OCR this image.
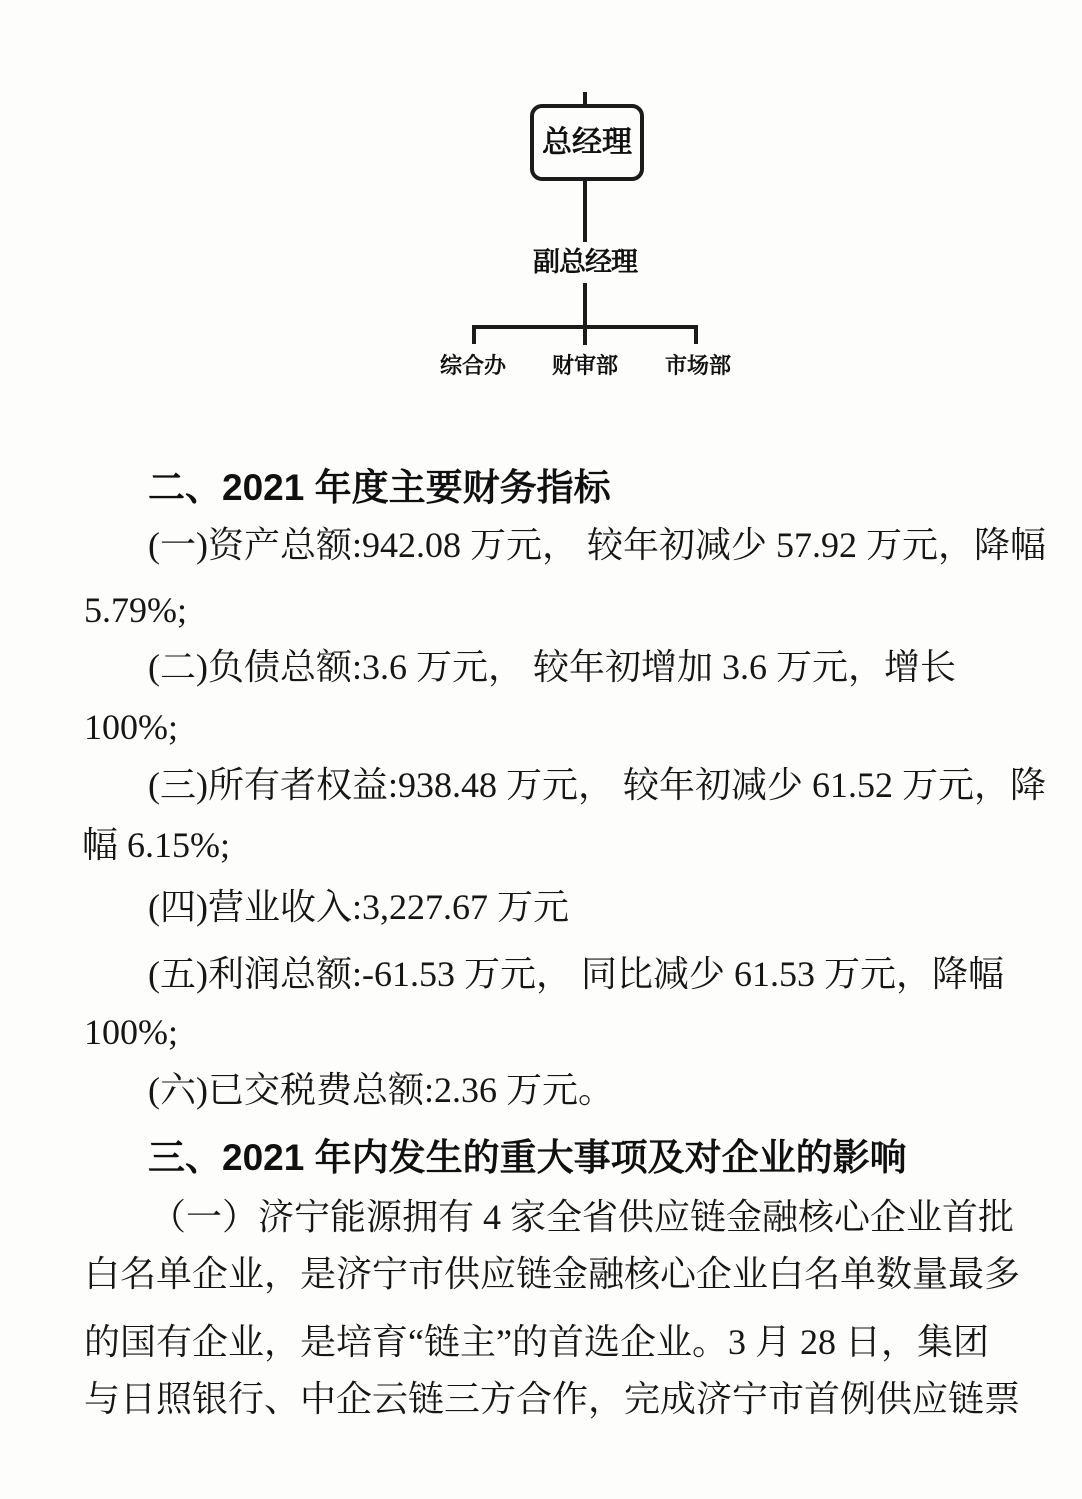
总经理
副总经理
综合办	财审部	市场部
二、2021 年度主要财务指标
(一)资产总额:942.08 万元， 较年初减少 57.92 万元，降幅
5.79%;
(二)负债总额:3.6 万元， 较年初增加 3.6 万元，增长
100%;
(三)所有者权益:938.48 万元， 较年初减少 61.52 万元，降
幅 6.15%;
(四)营业收入:3,227.67 万元
(五)利润总额:-61.53 万元， 同比减少 61.53 万元，降幅
100%;
(六)已交税费总额:2.36 万元。
三、2021 年内发生的重大事项及对企业的影响
（一）济宁能源拥有 4 家全省供应链金融核心企业首批
白名单企业，是济宁市供应链金融核心企业白名单数量最多
的国有企业，是培育“链主”的首选企业。3 月 28 日，集团
与日照银行、中企云链三方合作，完成济宁市首例供应链票
